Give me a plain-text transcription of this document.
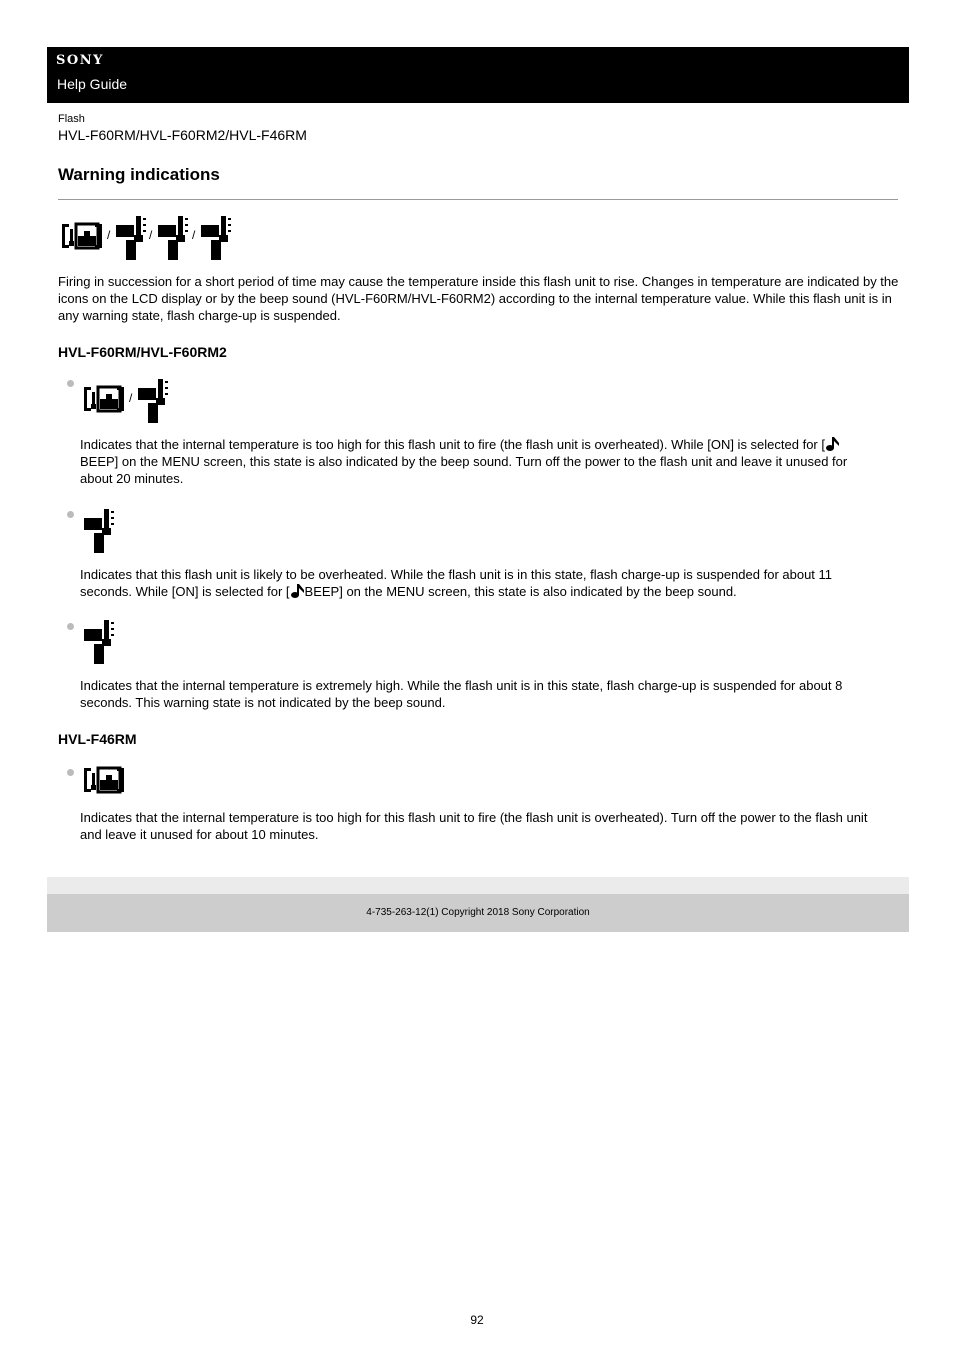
SONY
Help Guide
Flash
HVL-F60RM/HVL-F60RM2/HVL-F46RM
Warning indications
/	/	/
Firing in succession for a short period of time may cause the temperature inside this flash unit to rise. Changes in temperature are indicated by the icons on the LCD display or by the beep sound (HVL-F60RM/HVL-F60RM2) according to the internal temperature value. While this flash unit is in any warning state, flash charge-up is suspended.
HVL-F60RM/HVL-F60RM2
/
Indicates that the internal temperature is too high for this flash unit to fire (the flash unit is overheated). While [ON] is selected for [
BEEP] on the MENU screen, this state is also indicated by the beep sound. Turn off the power to the flash unit and leave it unused for
about 20 minutes.
Indicates that this flash unit is likely to be overheated. While the flash unit is in this state, flash charge-up is suspended for about 11
seconds. While [ON] is selected for [ BEEP] on the MENU screen, this state is also indicated by the beep sound.
Indicates that the internal temperature is extremely high. While the flash unit is in this state, flash charge-up is suspended for about 8
seconds. This warning state is not indicated by the beep sound.
HVL-F46RM
Indicates that the internal temperature is too high for this flash unit to fire (the flash unit is overheated). Turn off the power to the flash unit
and leave it unused for about 10 minutes.
4-735-263-12(1) Copyright 2018 Sony Corporation
92
